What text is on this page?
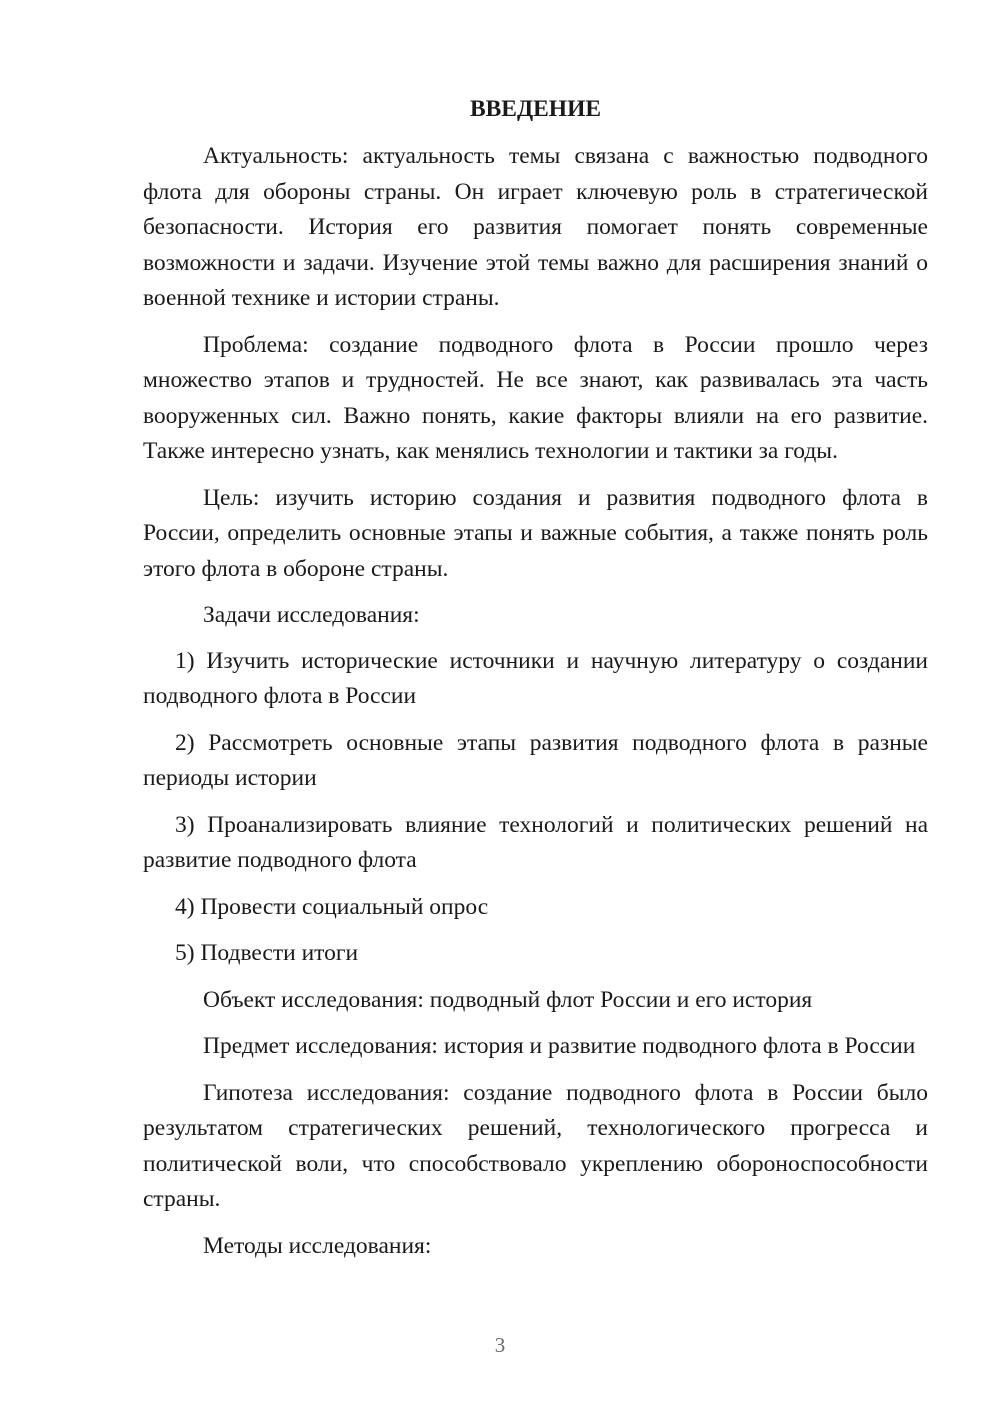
ВВЕДЕНИЕ

Актуальность: актуальность темы связана с важностью подводного флота для обороны страны. Он играет ключевую роль в стратегической безопасности. История его развития помогает понять современные возможности и задачи. Изучение этой темы важно для расширения знаний о военной технике и истории страны.

Проблема: создание подводного флота в России прошло через множество этапов и трудностей. Не все знают, как развивалась эта часть вооруженных сил. Важно понять, какие факторы влияли на его развитие. Также интересно узнать, как менялись технологии и тактики за годы.

Цель: изучить историю создания и развития подводного флота в России, определить основные этапы и важные события, а также понять роль этого флота в обороне страны.

Задачи исследования:

1) Изучить исторические источники и научную литературу о создании подводного флота в России

2) Рассмотреть основные этапы развития подводного флота в разные периоды истории

3) Проанализировать влияние технологий и политических решений на развитие подводного флота

4) Провести социальный опрос

5) Подвести итоги

Объект исследования: подводный флот России и его история

Предмет исследования: история и развитие подводного флота в России

Гипотеза исследования: создание подводного флота в России было результатом стратегических решений, технологического прогресса и политической воли, что способствовало укреплению обороноспособности страны.

Методы исследования:

3
